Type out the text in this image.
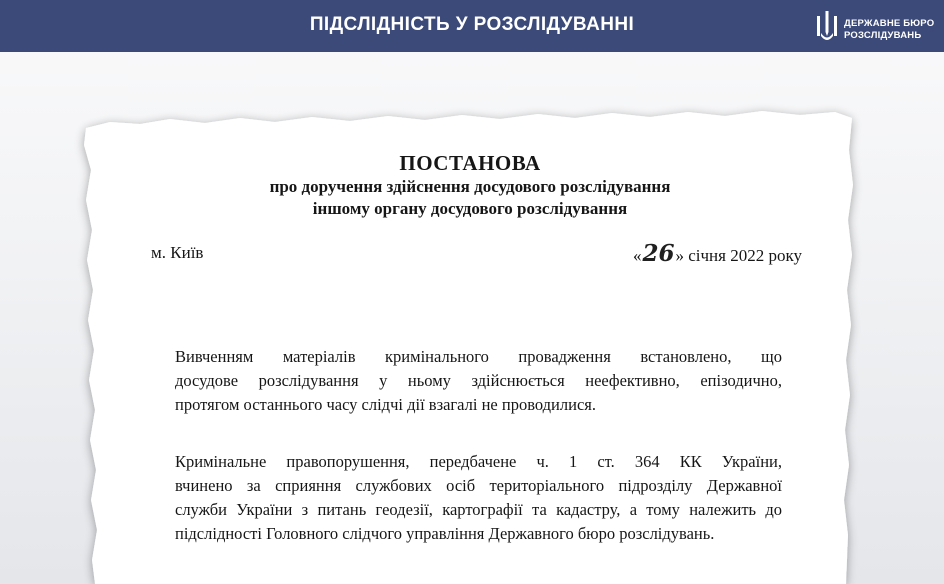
ПІДСЛІДНІСТЬ У РОЗСЛІДУВАННІ	ДЕРЖАВНЕ БЮРО
РОЗСЛІДУВАНЬ
ПОСТАНОВА
про доручення здійснення досудового розслідування
іншому органу досудового розслідування
м. Київ	«26» січня 2022 року
Вивченням матеріалів кримінального провадження встановлено, що
досудове розслідування у ньому здійснюється неефективно, епізодично,
протягом останнього часу слідчі дії взагалі не проводилися.
Кримінальне правопорушення, передбачене ч. 1 ст. 364 КК України,
вчинено за сприяння службових осіб територіального підрозділу Державної
служби України з питань геодезії, картографії та кадастру, а тому належить до
підслідності Головного слідчого управління Державного бюро розслідувань.
